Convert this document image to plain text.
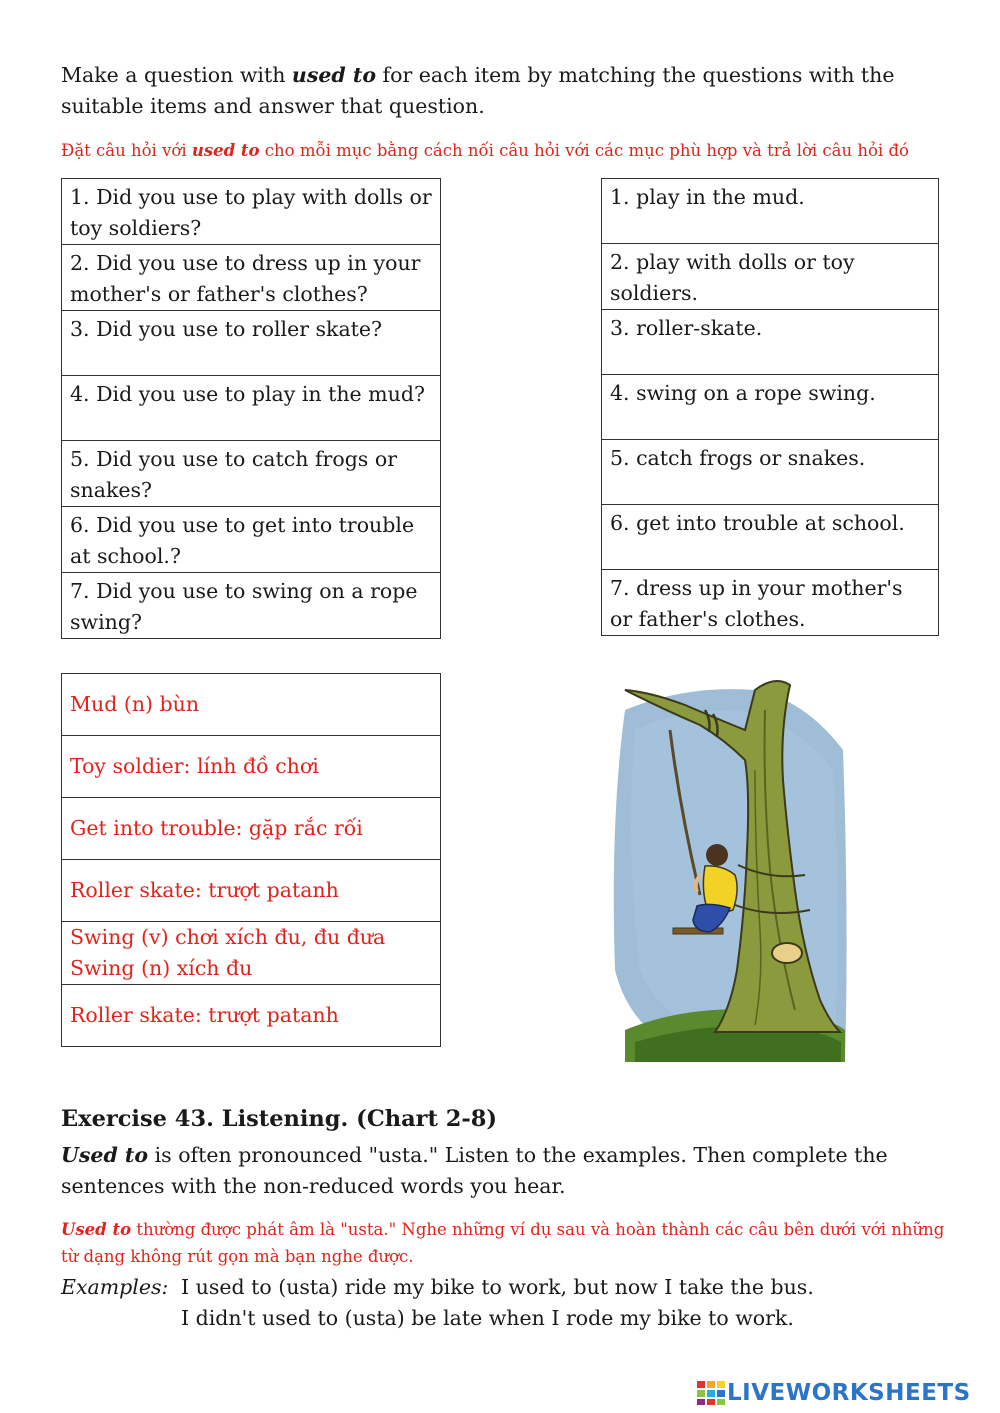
Make a question with used to for each item by matching the questions with the suitable items and answer that question.
Đặt câu hỏi với used to cho mỗi mục bằng cách nối câu hỏi với các mục phù hợp và trả lời câu hỏi đó
1. Did you use to play with dolls or toy soldiers?
2. Did you use to dress up in your mother's or father's clothes?
3. Did you use to roller skate?
4. Did you use to play in the mud?
5. Did you use to catch frogs or snakes?
6. Did you use to get into trouble at school.?
7. Did you use to swing on a rope swing?
1. play in the mud.
2. play with dolls or toy soldiers.
3. roller-skate.
4. swing on a rope swing.
5. catch frogs or snakes.
6. get into trouble at school.
7. dress up in your mother's or father's clothes.
Mud (n) bùn
Toy soldier: lính đồ chơi
Get into trouble: gặp rắc rối
Roller skate: trượt patanh

Swing (v) chơi xích đu, đu đưa
Swing (n) xích đu

Roller skate: trượt patanh
Exercise 43. Listening. (Chart 2-8)
Used to is often pronounced "usta." Listen to the examples. Then complete the sentences with the non-reduced words you hear.
Used to thường được phát âm là "usta." Nghe những ví dụ sau và hoàn thành các câu bên dưới với những từ dạng không rút gọn mà bạn nghe được.
Examples: I used to (usta) ride my bike to work, but now I take the bus.
I didn't used to (usta) be late when I rode my bike to work.
LIVEWORKSHEETS
